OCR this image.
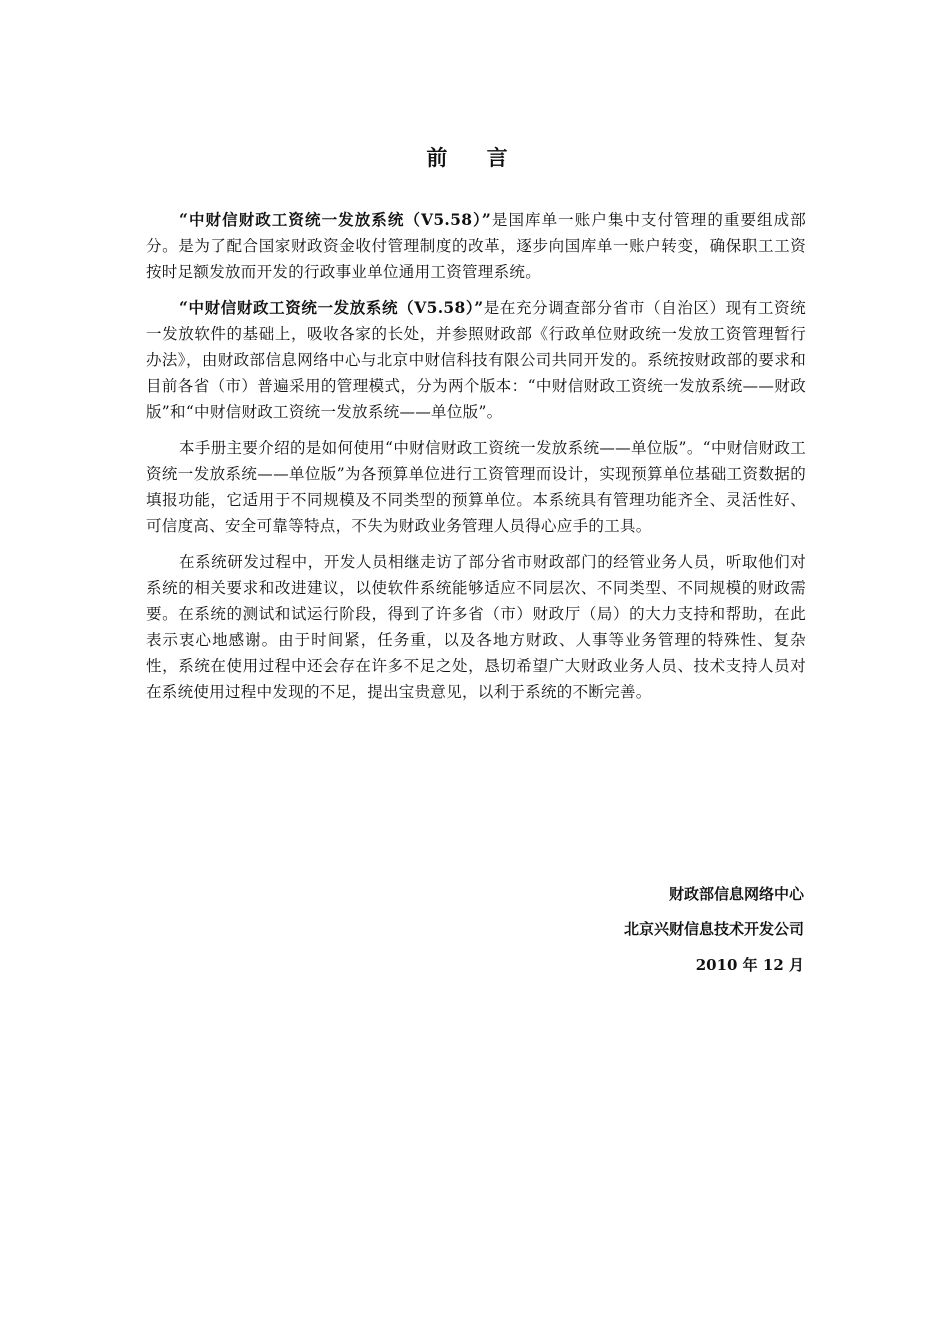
前 言

“中财信财政工资统一发放系统（V5.58）”是国库单一账户集中支付管理的重要组成部分。是为了配合国家财政资金收付管理制度的改革，逐步向国库单一账户转变，确保职工工资按时足额发放而开发的行政事业单位通用工资管理系统。

“中财信财政工资统一发放系统（V5.58）”是在充分调查部分省市（自治区）现有工资统一发放软件的基础上，吸收各家的长处，并参照财政部《行政单位财政统一发放工资管理暂行办法》，由财政部信息网络中心与北京中财信科技有限公司共同开发的。系统按财政部的要求和目前各省（市）普遍采用的管理模式，分为两个版本：“中财信财政工资统一发放系统——财政版”和“中财信财政工资统一发放系统——单位版”。

本手册主要介绍的是如何使用“中财信财政工资统一发放系统——单位版”。“中财信财政工资统一发放系统——单位版”为各预算单位进行工资管理而设计，实现预算单位基础工资数据的填报功能，它适用于不同规模及不同类型的预算单位。本系统具有管理功能齐全、灵活性好、可信度高、安全可靠等特点，不失为财政业务管理人员得心应手的工具。

在系统研发过程中，开发人员相继走访了部分省市财政部门的经管业务人员，听取他们对系统的相关要求和改进建议，以使软件系统能够适应不同层次、不同类型、不同规模的财政需要。在系统的测试和试运行阶段，得到了许多省（市）财政厅（局）的大力支持和帮助，在此表示衷心地感谢。由于时间紧，任务重，以及各地方财政、人事等业务管理的特殊性、复杂性，系统在使用过程中还会存在许多不足之处，恳切希望广大财政业务人员、技术支持人员对在系统使用过程中发现的不足，提出宝贵意见，以利于系统的不断完善。

财政部信息网络中心
北京兴财信息技术开发公司
2010 年 12 月
